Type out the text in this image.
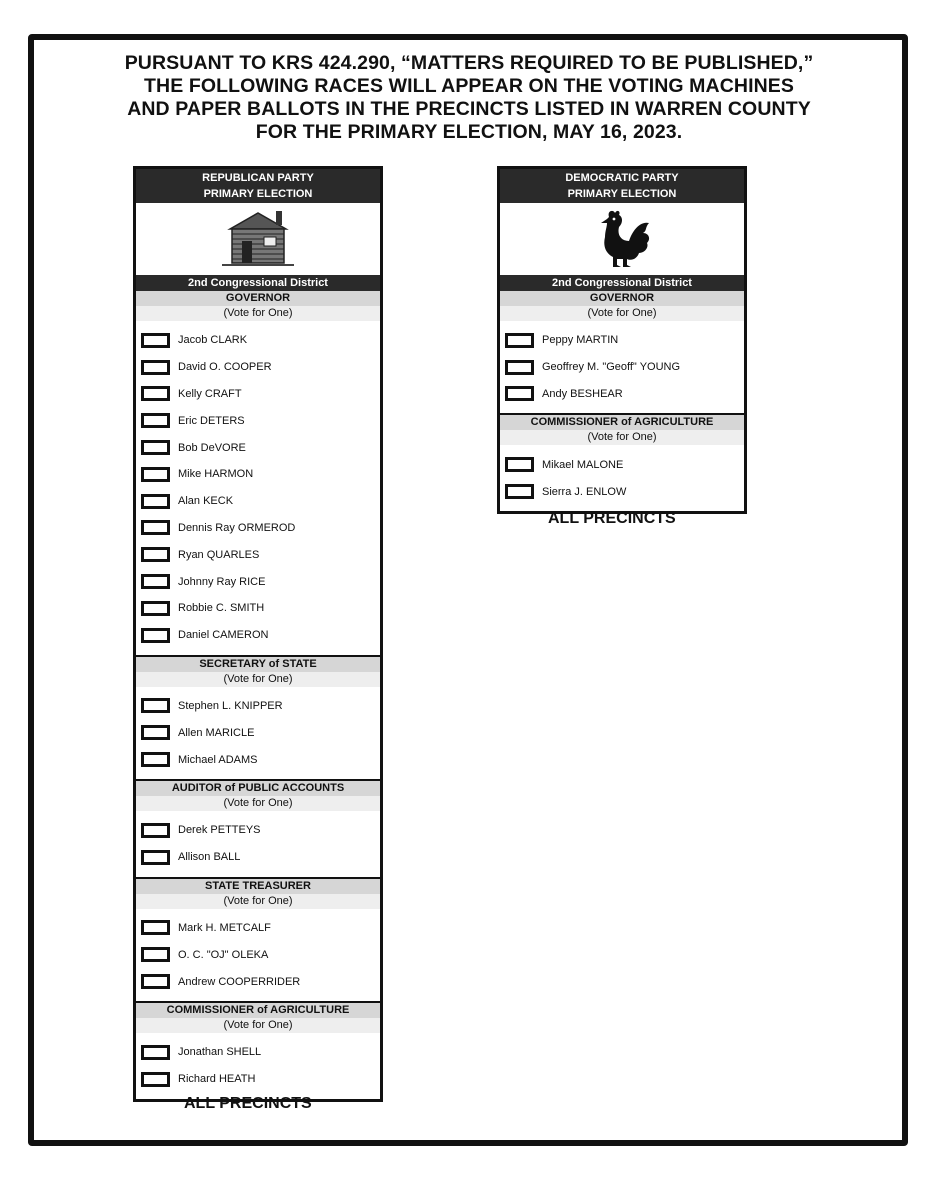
PURSUANT TO KRS 424.290, “MATTERS REQUIRED TO BE PUBLISHED,”
THE FOLLOWING RACES WILL APPEAR ON THE VOTING MACHINES
AND PAPER BALLOTS IN THE PRECINCTS LISTED IN WARREN COUNTY
FOR THE PRIMARY ELECTION, MAY 16, 2023.
REPUBLICAN PARTY
PRIMARY ELECTION
2nd Congressional District
GOVERNOR
(Vote for One)
Jacob CLARK
David O. COOPER
Kelly CRAFT
Eric DETERS
Bob DeVORE
Mike HARMON
Alan KECK
Dennis Ray ORMEROD
Ryan QUARLES
Johnny Ray RICE
Robbie C. SMITH
Daniel CAMERON
SECRETARY of STATE
(Vote for One)
Stephen L. KNIPPER
Allen MARICLE
Michael ADAMS
AUDITOR of PUBLIC ACCOUNTS
(Vote for One)
Derek PETTEYS
Allison BALL
STATE TREASURER
(Vote for One)
Mark H. METCALF
O. C. "OJ" OLEKA
Andrew COOPERRIDER
COMMISSIONER of AGRICULTURE
(Vote for One)
Jonathan SHELL
Richard HEATH
ALL PRECINCTS
DEMOCRATIC PARTY
PRIMARY ELECTION
2nd Congressional District
GOVERNOR
(Vote for One)
Peppy MARTIN
Geoffrey M. "Geoff" YOUNG
Andy BESHEAR
COMMISSIONER of AGRICULTURE
(Vote for One)
Mikael MALONE
Sierra J. ENLOW
ALL PRECINCTS
